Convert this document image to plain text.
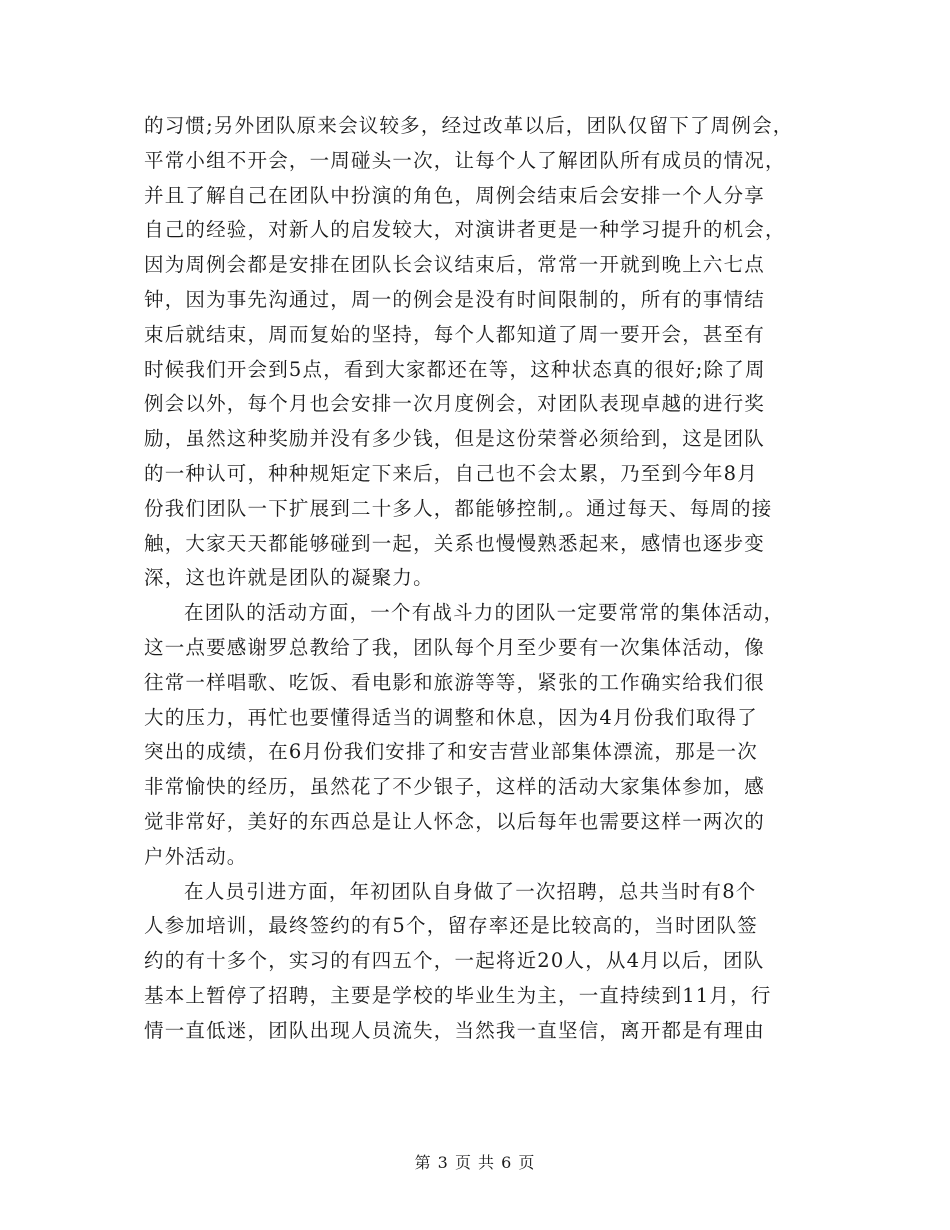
的习惯;另外团队原来会议较多，经过改革以后，团队仅留下了周例会，
平常小组不开会，一周碰头一次，让每个人了解团队所有成员的情况，
并且了解自己在团队中扮演的角色，周例会结束后会安排一个人分享
自己的经验，对新人的启发较大，对演讲者更是一种学习提升的机会，
因为周例会都是安排在团队长会议结束后，常常一开就到晚上六七点
钟，因为事先沟通过，周一的例会是没有时间限制的，所有的事情结
束后就结束，周而复始的坚持，每个人都知道了周一要开会，甚至有
时候我们开会到5点，看到大家都还在等，这种状态真的很好;除了周
例会以外，每个月也会安排一次月度例会，对团队表现卓越的进行奖
励，虽然这种奖励并没有多少钱，但是这份荣誉必须给到，这是团队
的一种认可，种种规矩定下来后，自己也不会太累，乃至到今年8月
份我们团队一下扩展到二十多人，都能够控制,。通过每天、每周的接
触，大家天天都能够碰到一起，关系也慢慢熟悉起来，感情也逐步变
深，这也许就是团队的凝聚力。
在团队的活动方面，一个有战斗力的团队一定要常常的集体活动，
这一点要感谢罗总教给了我，团队每个月至少要有一次集体活动，像
往常一样唱歌、吃饭、看电影和旅游等等，紧张的工作确实给我们很
大的压力，再忙也要懂得适当的调整和休息，因为4月份我们取得了
突出的成绩，在6月份我们安排了和安吉营业部集体漂流，那是一次
非常愉快的经历，虽然花了不少银子，这样的活动大家集体参加，感
觉非常好，美好的东西总是让人怀念，以后每年也需要这样一两次的
户外活动。
在人员引进方面，年初团队自身做了一次招聘，总共当时有8个
人参加培训，最终签约的有5个，留存率还是比较高的，当时团队签
约的有十多个，实习的有四五个，一起将近20人，从4月以后，团队
基本上暂停了招聘，主要是学校的毕业生为主，一直持续到11月，行
情一直低迷，团队出现人员流失，当然我一直坚信，离开都是有理由
第 3 页 共 6 页
